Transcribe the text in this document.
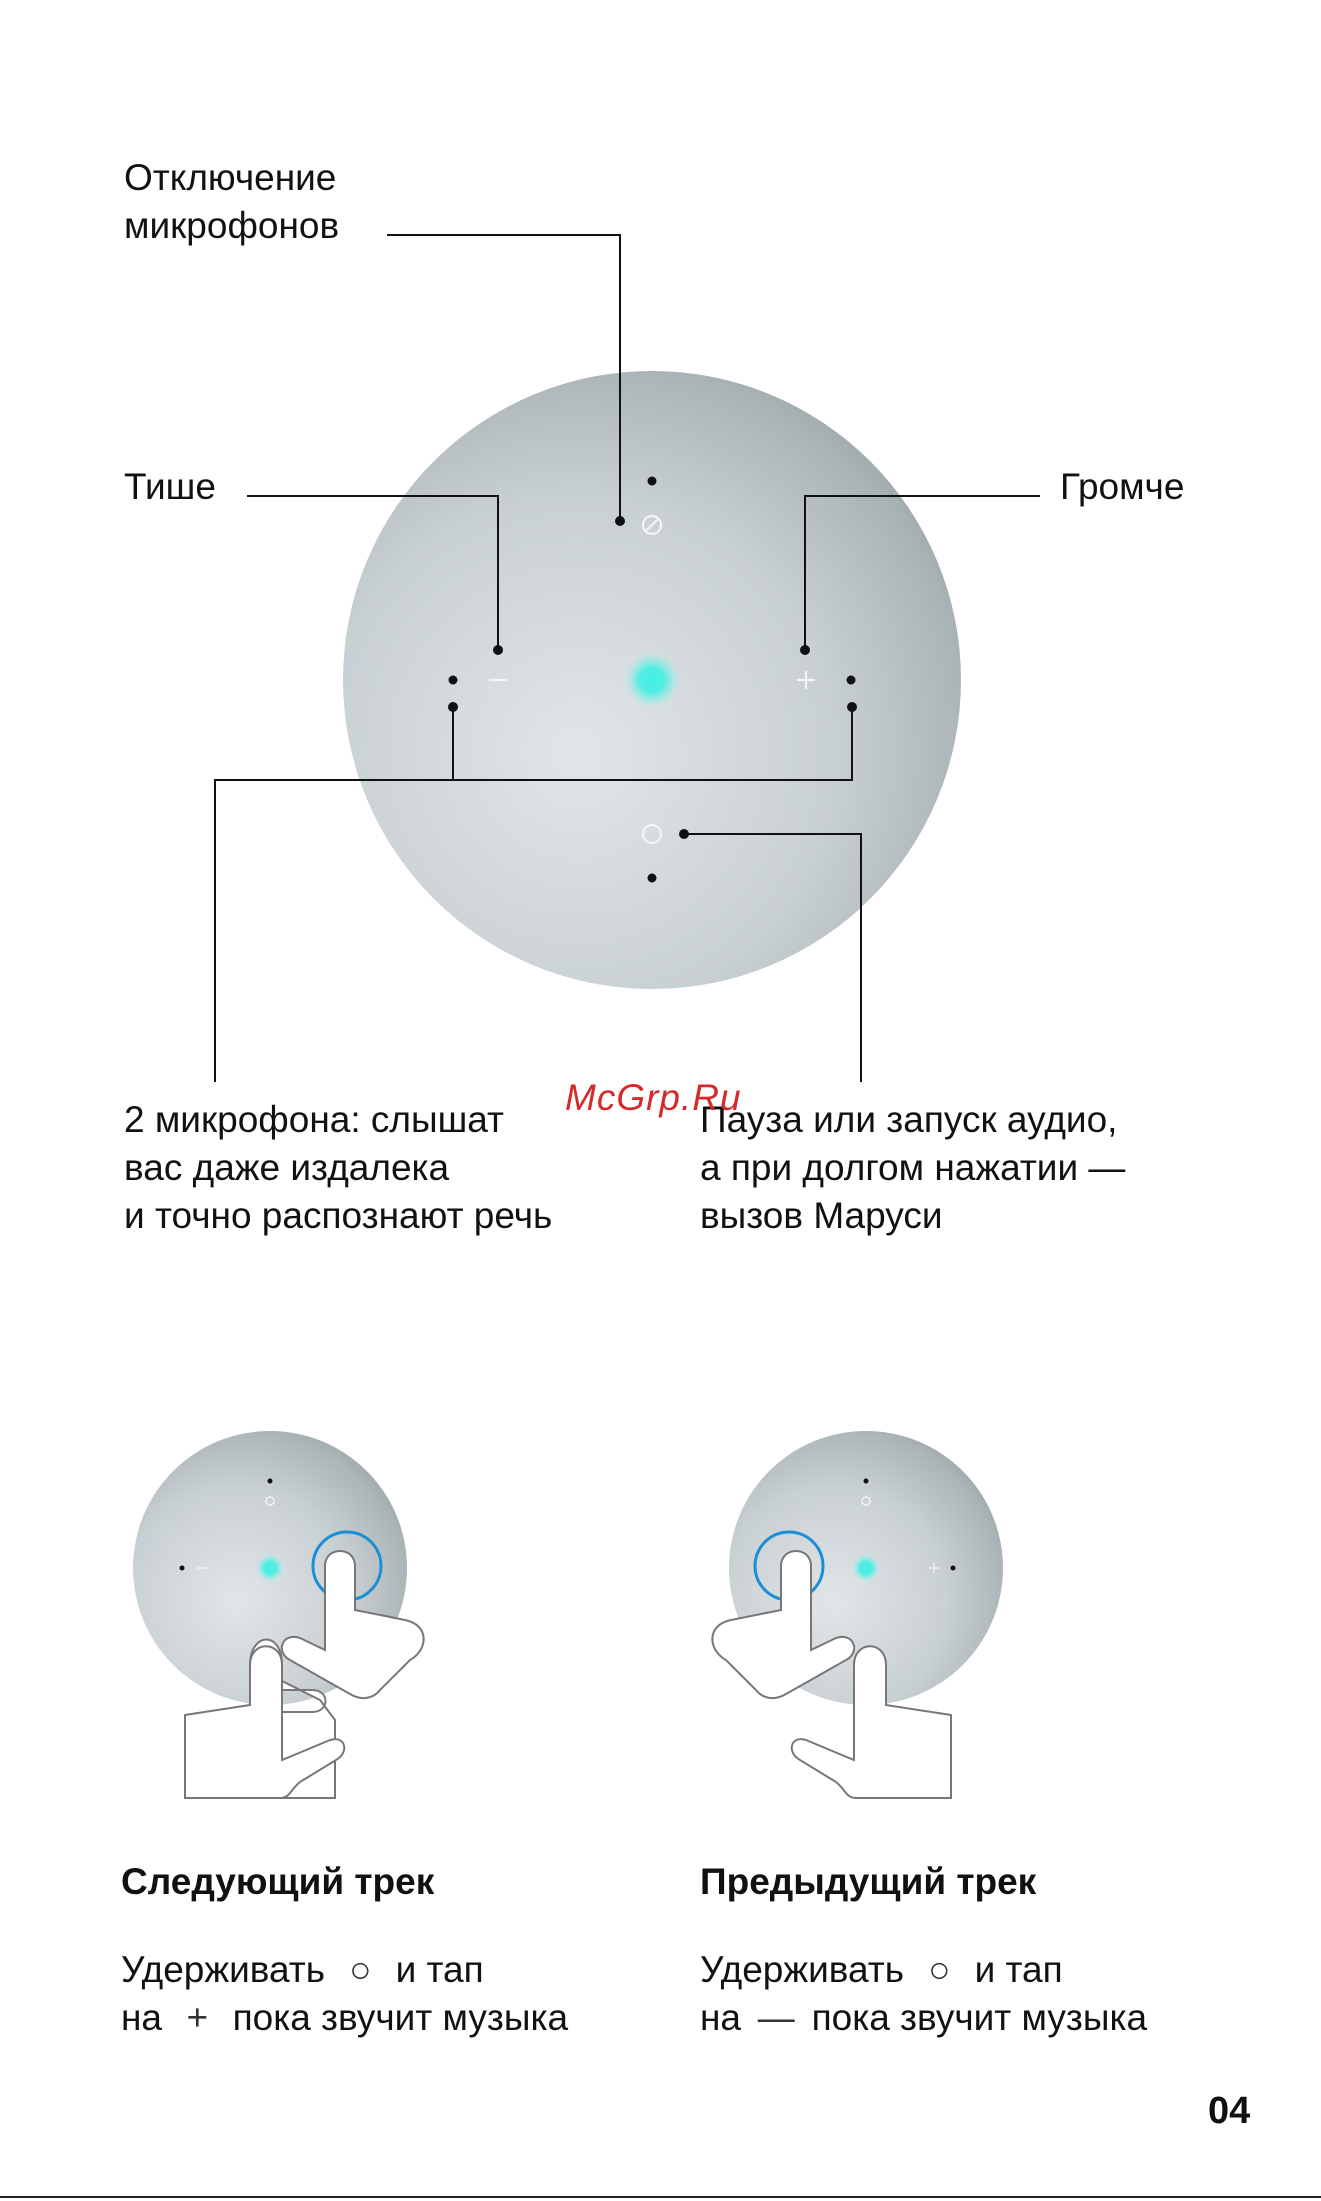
Отключение
микрофонов
Тише	Громче
2 микрофона: слышат
вас даже издалека
и точно распознают речь
Пауза или запуск аудио,
а при долгом нажатии —
вызов Маруси
McGrp.Ru
Следующий трек
Удерживать ○ и тап
на + пока звучит музыка
Предыдущий трек
Удерживать ○ и тап
на — пока звучит музыка
04
